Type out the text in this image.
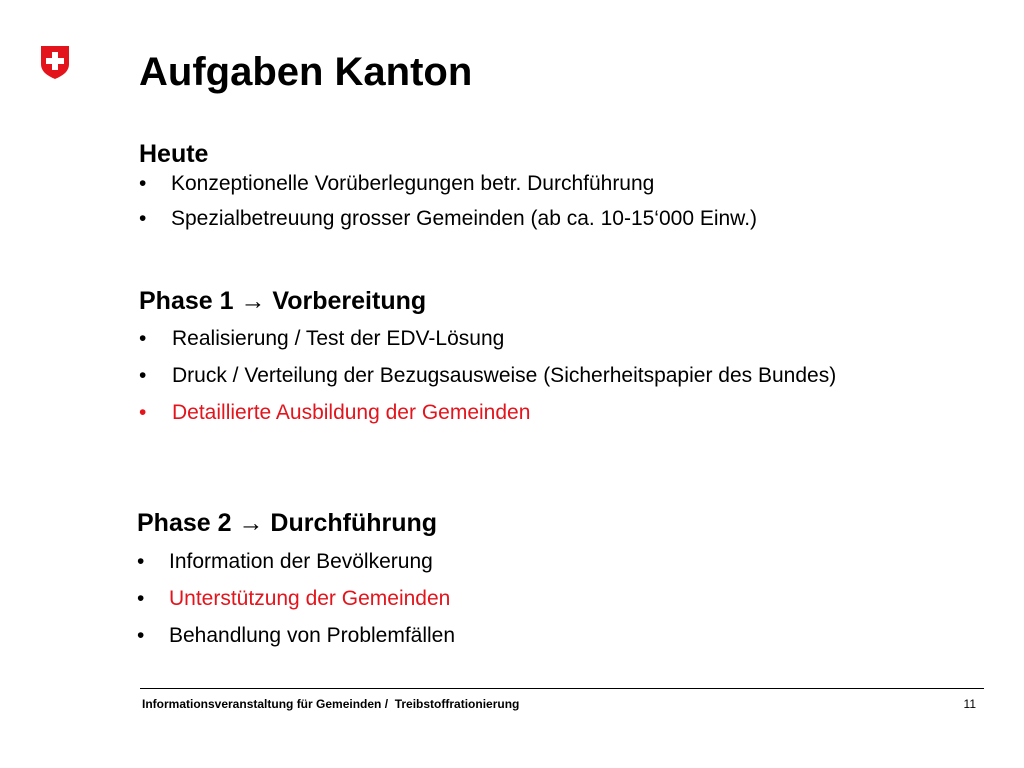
Aufgaben Kanton
Heute
• Konzeptionelle Vorüberlegungen betr. Durchführung
• Spezialbetreuung grosser Gemeinden (ab ca. 10-15‘000 Einw.)
Phase 1 → Vorbereitung
• Realisierung / Test der EDV-Lösung
• Druck / Verteilung der Bezugsausweise (Sicherheitspapier des Bundes)
• Detaillierte Ausbildung der Gemeinden
Phase 2 → Durchführung
• Information der Bevölkerung
• Unterstützung der Gemeinden
• Behandlung von Problemfällen
Informationsveranstaltung für Gemeinden /  Treibstoffrationierung	11
